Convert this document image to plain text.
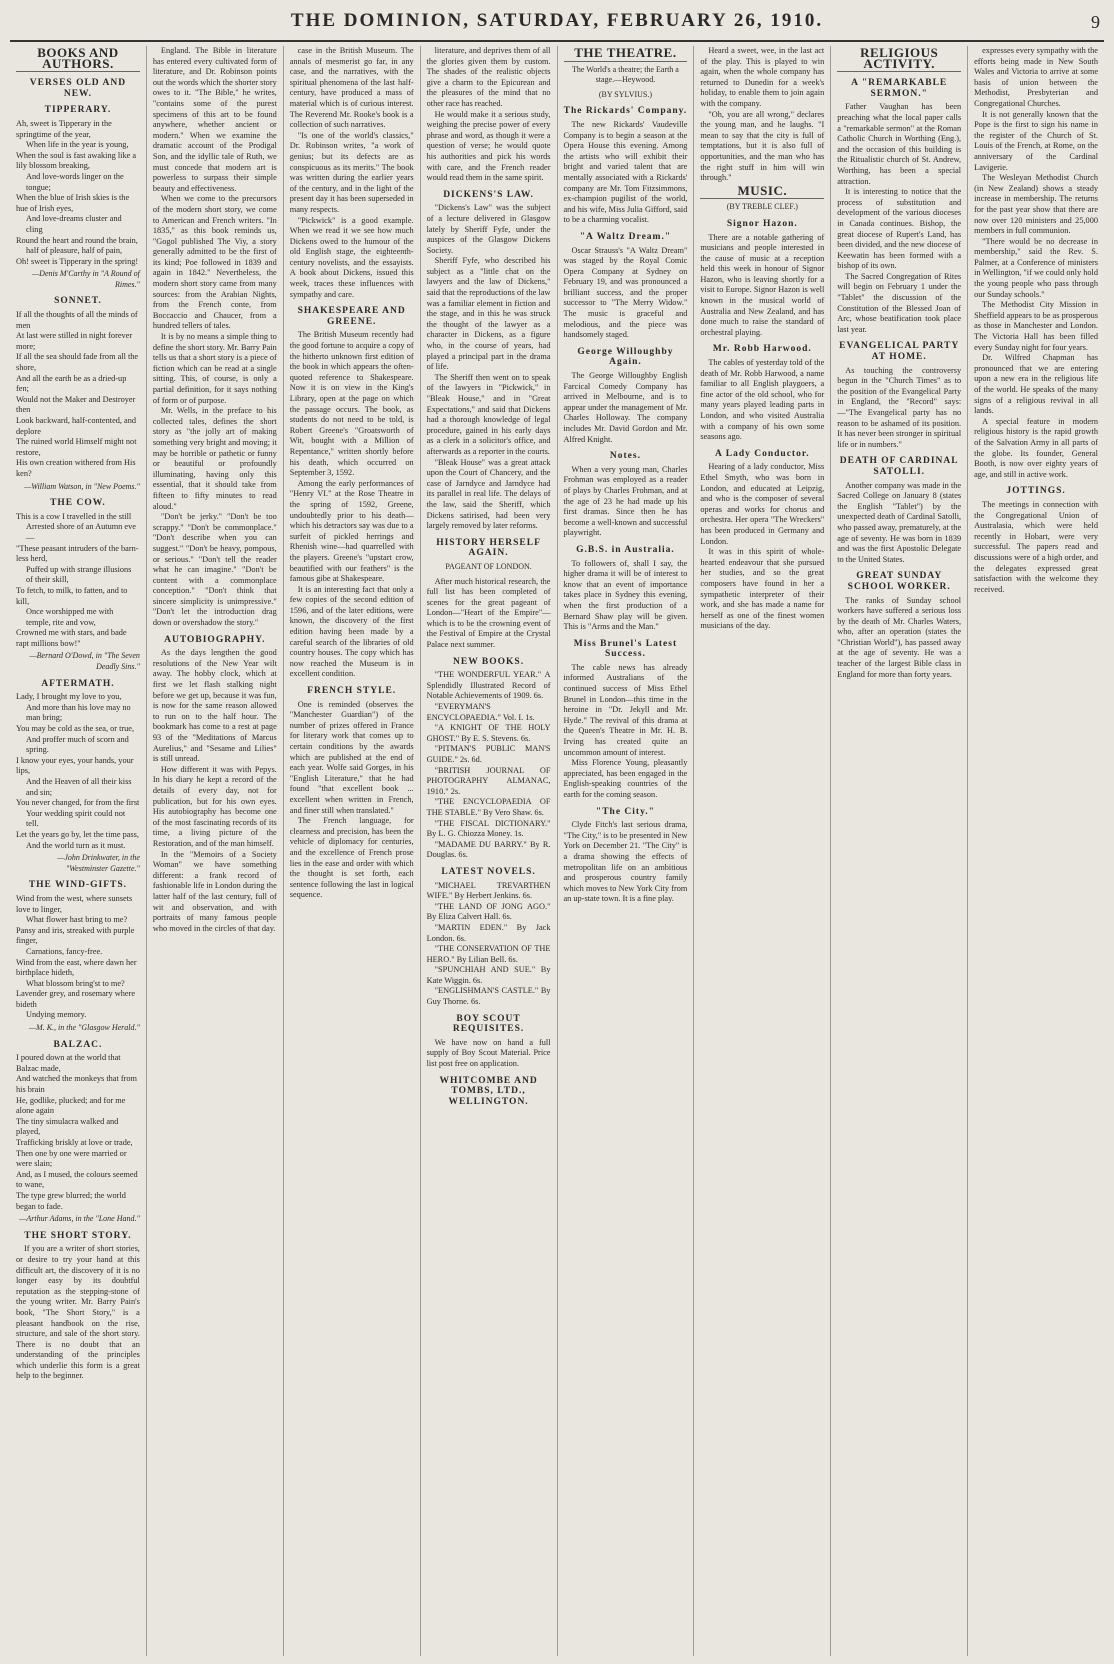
THE DOMINION, SATURDAY, FEBRUARY 26, 1910.	9
BOOKS AND AUTHORS.
VERSES OLD AND NEW.
TIPPERARY.
Ah, sweet is Tipperary in the springtime of the year,
When life in the year is young,
When the soul is fast awaking like a lily blossom breaking,
And love-words linger on the tongue;
When the blue of Irish skies is the hue of Irish eyes,
And love-dreams cluster and cling
Round the heart and round the brain,
half of pleasure, half of pain,
Oh! sweet is Tipperary in the spring!
—Denis M'Carthy in "A Round of Rimes."
SONNET.
If all the thoughts of all the minds of men
At last were stilled in night forever more;
If all the sea should fade from all the shore,
And all the earth be as a dried-up fen;
Would not the Maker and Destroyer then
Look backward, half-contented, and deplore
The ruined world Himself might not restore,
His own creation withered from His ken?
—William Watson, in "New Poems."
THE COW.
This is a cow I travelled in the still
Arrested shore of an Autumn eve—
"These peasant intruders of the barn-less herd,
Puffed up with strange illusions of their skill,
To fetch, to milk, to fatten, and to kill,
Once worshipped me with temple, rite and vow,
Crowned me with stars, and bade rapt millions bow!"
—Bernard O'Dowd, in "The Seven Deadly Sins."
AFTERMATH.
Lady, I brought my love to you,
And more than his love may no man bring;
You may be cold as the sea, or true,
And proffer much of scorn and spring.
I know your eyes, your hands, your lips,
And the Heaven of all their kiss and sin;
You never changed, for from the first
Your wedding spirit could not tell.
Let the years go by, let the time pass,
And the world turn as it must.
—John Drinkwater, in the "Westminster Gazette."
THE WIND-GIFTS.
Wind from the west, where sunsets love to linger,
What flower hast bring to me?
Pansy and iris, streaked with purple finger,
Carnations, fancy-free.
Wind from the east, where dawn her birthplace hideth,
What blossom bring'st to me?
Lavender grey, and rosemary where bideth
Undying memory.
—M. K., in the "Glasgow Herald."
BALZAC.
I poured down at the world that Balzac made,
And watched the monkeys that from his brain
He, godlike, plucked; and for me alone again
The tiny simulacra walked and played,
Trafficking briskly at love or trade,
Then one by one were married or were slain;
And, as I mused, the colours seemed to wane,
The type grew blurred; the world began to fade.
—Arthur Adams, in the "Lone Hand."
THE SHORT STORY.

If you are a writer of short stories, or desire to try your hand at this difficult art, the discovery of it is no longer easy by its doubtful reputation as the stepping-stone of the young writer. Mr. Barry Pain's book, "The Short Story," is a pleasant handbook on the rise, structure, and sale of the short story. There is no doubt that an understanding of the principles which underlie this form is a great help to the beginner.

England. The Bible in literature has entered every cultivated form of literature, and Dr. Robinson points out the words which the shorter story owes to it. "The Bible," he writes, "contains some of the purest specimens of this art to be found anywhere, whether ancient or modern." When we examine the dramatic account of the Prodigal Son, and the idyllic tale of Ruth, we must concede that modern art is powerless to surpass their simple beauty and effectiveness.

When we come to the precursors of the modern short story, we come to American and French writers. "In 1835," as this book reminds us, "Gogol published The Viy, a story generally admitted to be the first of its kind; Poe followed in 1839 and again in 1842." Nevertheless, the modern short story came from many sources: from the Arabian Nights, from the French conte, from Boccaccio and Chaucer, from a hundred tellers of tales.

It is by no means a simple thing to define the short story. Mr. Barry Pain tells us that a short story is a piece of fiction which can be read at a single sitting. This, of course, is only a partial definition, for it says nothing of form or of purpose.

Mr. Wells, in the preface to his collected tales, defines the short story as "the jolly art of making something very bright and moving; it may be horrible or pathetic or funny or beautiful or profoundly illuminating, having only this essential, that it should take from fifteen to fifty minutes to read aloud."

"Don't be jerky." "Don't be too scrappy." "Don't be commonplace." "Don't describe when you can suggest." "Don't be heavy, pompous, or serious." "Don't tell the reader what he can imagine." "Don't be content with a commonplace conception." "Don't think that sincere simplicity is unimpressive." "Don't let the introduction drag down or overshadow the story."

AUTOBIOGRAPHY.

As the days lengthen the good resolutions of the New Year wilt away. The hobby clock, which at first we let flash stalking night before we get up, because it was fun, is now for the same reason allowed to run on to the half hour. The bookmark has come to a rest at page 93 of the "Meditations of Marcus Aurelius," and "Sesame and Lilies" is still unread.

How different it was with Pepys. In his diary he kept a record of the details of every day, not for publication, but for his own eyes. His autobiography has become one of the most fascinating records of its time, a living picture of the Restoration, and of the man himself.

In the "Memoirs of a Society Woman" we have something different: a frank record of fashionable life in London during the latter half of the last century, full of wit and observation, and with portraits of many famous people who moved in the circles of that day.

case in the British Museum. The annals of mesmerist go far, in any case, and the narratives, with the spiritual phenomena of the last half-century, have produced a mass of material which is of curious interest. The Reverend Mr. Rooke's book is a collection of such narratives.

"Is one of the world's classics," Dr. Robinson writes, "a work of genius; but its defects are as conspicuous as its merits." The book was written during the earlier years of the century, and in the light of the present day it has been superseded in many respects.

"Pickwick" is a good example. When we read it we see how much Dickens owed to the humour of the old English stage, the eighteenth-century novelists, and the essayists. A book about Dickens, issued this week, traces these influences with sympathy and care.

SHAKESPEARE AND GREENE.

The British Museum recently had the good fortune to acquire a copy of the hitherto unknown first edition of the book in which appears the often-quoted reference to Shakespeare. Now it is on view in the King's Library, open at the page on which the passage occurs. The book, as students do not need to be told, is Robert Greene's "Groatsworth of Wit, bought with a Million of Repentance," written shortly before his death, which occurred on September 3, 1592.

Among the early performances of "Henry VI." at the Rose Theatre in the spring of 1592, Greene, undoubtedly prior to his death—which his detractors say was due to a surfeit of pickled herrings and Rhenish wine—had quarrelled with the players. Greene's "upstart crow, beautified with our feathers" is the famous gibe at Shakespeare.

It is an interesting fact that only a few copies of the second edition of 1596, and of the later editions, were known, the discovery of the first edition having been made by a careful search of the libraries of old country houses. The copy which has now reached the Museum is in excellent condition.

FRENCH STYLE.

One is reminded (observes the "Manchester Guardian") of the number of prizes offered in France for literary work that comes up to certain conditions by the awards which are published at the end of each year. Wolfe said Gorges, in his "English Literature," that he had found "that excellent book ... excellent when written in French, and finer still when translated."

The French language, for clearness and precision, has been the vehicle of diplomacy for centuries, and the excellence of French prose lies in the ease and order with which the thought is set forth, each sentence following the last in logical sequence.

literature, and deprives them of all the glories given them by custom. The shades of the realistic objects give a charm to the Epicurean and the pleasures of the mind that no other race has reached.

He would make it a serious study, weighing the precise power of every phrase and word, as though it were a question of verse; he would quote his authorities and pick his words with care, and the French reader would read them in the same spirit.

DICKENS'S LAW.

"Dickens's Law" was the subject of a lecture delivered in Glasgow lately by Sheriff Fyfe, under the auspices of the Glasgow Dickens Society.

Sheriff Fyfe, who described his subject as a "little chat on the lawyers and the law of Dickens," said that the reproductions of the law was a familiar element in fiction and the stage, and in this he was struck the thought of the lawyer as a character in Dickens, as a figure who, in the course of years, had played a principal part in the drama of life.

The Sheriff then went on to speak of the lawyers in "Pickwick," in "Bleak House," and in "Great Expectations," and said that Dickens had a thorough knowledge of legal procedure, gained in his early days as a clerk in a solicitor's office, and afterwards as a reporter in the courts.

"Bleak House" was a great attack upon the Court of Chancery, and the case of Jarndyce and Jarndyce had its parallel in real life. The delays of the law, said the Sheriff, which Dickens satirised, had been very largely removed by later reforms.

HISTORY HERSELF AGAIN.
PAGEANT OF LONDON.

After much historical research, the full list has been completed of scenes for the great pageant of London—"Heart of the Empire"—which is to be the crowning event of the Festival of Empire at the Crystal Palace next summer.

NEW BOOKS.

"THE WONDERFUL YEAR." A Splendidly Illustrated Record of Notable Achievements of 1909. 6s.

"EVERYMAN'S ENCYCLOPAEDIA." Vol. I. 1s.

"A KNIGHT OF THE HOLY GHOST." By E. S. Stevens. 6s.

"PITMAN'S PUBLIC MAN'S GUIDE." 2s. 6d.

"BRITISH JOURNAL OF PHOTOGRAPHY ALMANAC, 1910." 2s.

"THE ENCYCLOPAEDIA OF THE STABLE." By Vero Shaw. 6s.

"THE FISCAL DICTIONARY." By L. G. Chiozza Money. 1s.

"MADAME DU BARRY." By R. Douglas. 6s.

LATEST NOVELS.

"MICHAEL TREVARTHEN WIFE." By Herbert Jenkins. 6s.

"THE LAND OF JONG AGO." By Eliza Calvert Hall. 6s.

"MARTIN EDEN." By Jack London. 6s.

"THE CONSERVATION OF THE HERO." By Lilian Bell. 6s.

"SPUNCHIAH AND SUE." By Kate Wiggin. 6s.

"ENGLISHMAN'S CASTLE." By Guy Thorne. 6s.

BOY SCOUT REQUISITES.

We have now on hand a full supply of Boy Scout Material. Price list post free on application.

WHITCOMBE AND TOMBS, LTD., WELLINGTON.
THE THEATRE.
The World's a theatre; the Earth a stage.—Heywood.
(BY SYLVIUS.)
The Rickards' Company.

The new Rickards' Vaudeville Company is to begin a season at the Opera House this evening. Among the artists who will exhibit their bright and varied talent that are mentally associated with a Rickards' company are Mr. Tom Fitzsimmons, ex-champion pugilist of the world, and his wife, Miss Julia Gifford, said to be a charming vocalist.

"A Waltz Dream."

Oscar Strauss's "A Waltz Dream" was staged by the Royal Comic Opera Company at Sydney on February 19, and was pronounced a brilliant success, and the proper successor to "The Merry Widow." The music is graceful and melodious, and the piece was handsomely staged.

George Willoughby Again.

The George Willoughby English Farcical Comedy Company has arrived in Melbourne, and is to appear under the management of Mr. Charles Holloway. The company includes Mr. David Gordon and Mr. Alfred Knight.

Notes.

When a very young man, Charles Frohman was employed as a reader of plays by Charles Frohman, and at the age of 23 he had made up his first dramas. Since then he has become a well-known and successful playwright.

G.B.S. in Australia.

To followers of, shall I say, the higher drama it will be of interest to know that an event of importance takes place in Sydney this evening, when the first production of a Bernard Shaw play will be given. This is "Arms and the Man."

Miss Brunel's Latest Success.

The cable news has already informed Australians of the continued success of Miss Ethel Brunel in London—this time in the heroine in "Dr. Jekyll and Mr. Hyde." The revival of this drama at the Queen's Theatre in Mr. H. B. Irving has created quite an uncommon amount of interest.

Miss Florence Young, pleasantly appreciated, has been engaged in the English-speaking countries of the earth for the coming season.

"The City."

Clyde Fitch's last serious drama, "The City," is to be presented in New York on December 21. "The City" is a drama showing the effects of metropolitan life on an ambitious and prosperous country family which moves to New York City from an up-state town. It is a fine play.

Heard a sweet, wee, in the last act of the play. This is played to win again, when the whole company has returned to Dunedin for a week's holiday, to enable them to join again with the company.

"Oh, you are all wrong," declares the young man, and he laughs. "I mean to say that the city is full of temptations, but it is also full of opportunities, and the man who has the right stuff in him will win through."

MUSIC.
(BY TREBLE CLEF.)
Signor Hazon.

There are a notable gathering of musicians and people interested in the cause of music at a reception held this week in honour of Signor Hazon, who is leaving shortly for a visit to Europe. Signor Hazon is well known in the musical world of Australia and New Zealand, and has done much to raise the standard of orchestral playing.

Mr. Robb Harwood.

The cables of yesterday told of the death of Mr. Robb Harwood, a name familiar to all English playgoers, a fine actor of the old school, who for many years played leading parts in London, and who visited Australia with a company of his own some seasons ago.

A Lady Conductor.

Hearing of a lady conductor, Miss Ethel Smyth, who was born in London, and educated at Leipzig, and who is the composer of several operas and works for chorus and orchestra. Her opera "The Wreckers" has been produced in Germany and London.

It was in this spirit of whole-hearted endeavour that she pursued her studies, and so the great composers have found in her a sympathetic interpreter of their work, and she has made a name for herself as one of the finest women musicians of the day.

RELIGIOUS ACTIVITY.
A "REMARKABLE SERMON."

Father Vaughan has been preaching what the local paper calls a "remarkable sermon" at the Roman Catholic Church in Worthing (Eng.), and the occasion of this building is the Ritualistic church of St. Andrew, Worthing, has been a special attraction.

It is interesting to notice that the process of substitution and development of the various dioceses in Canada continues. Bishop, the great diocese of Rupert's Land, has been divided, and the new diocese of Keewatin has been formed with a bishop of its own.

The Sacred Congregation of Rites will begin on February 1 under the "Tablet" the discussion of the Constitution of the Blessed Joan of Arc, whose beatification took place last year.

EVANGELICAL PARTY AT HOME.

As touching the controversy begun in the "Church Times" as to the position of the Evangelical Party in England, the "Record" says:—"The Evangelical party has no reason to be ashamed of its position. It has never been stronger in spiritual life or in numbers."

DEATH OF CARDINAL SATOLLI.

Another company was made in the Sacred College on January 8 (states the English "Tablet") by the unexpected death of Cardinal Satolli, who passed away, prematurely, at the age of seventy. He was born in 1839 and was the first Apostolic Delegate to the United States.

GREAT SUNDAY SCHOOL WORKER.

The ranks of Sunday school workers have suffered a serious loss by the death of Mr. Charles Waters, who, after an operation (states the "Christian World"), has passed away at the age of seventy. He was a teacher of the largest Bible class in England for more than forty years.

expresses every sympathy with the efforts being made in New South Wales and Victoria to arrive at some basis of union between the Methodist, Presbyterian and Congregational Churches.

It is not generally known that the Pope is the first to sign his name in the register of the Church of St. Louis of the French, at Rome, on the anniversary of the Cardinal Lavigerie.

The Wesleyan Methodist Church (in New Zealand) shows a steady increase in membership. The returns for the past year show that there are now over 120 ministers and 25,000 members in full communion.

"There would be no decrease in membership," said the Rev. S. Palmer, at a Conference of ministers in Wellington, "if we could only hold the young people who pass through our Sunday schools."

The Methodist City Mission in Sheffield appears to be as prosperous as those in Manchester and London. The Victoria Hall has been filled every Sunday night for four years.

Dr. Wilfred Chapman has pronounced that we are entering upon a new era in the religious life of the world. He speaks of the many signs of a religious revival in all lands.

A special feature in modern religious history is the rapid growth of the Salvation Army in all parts of the globe. Its founder, General Booth, is now over eighty years of age, and still in active work.

JOTTINGS.

The meetings in connection with the Congregational Union of Australasia, which were held recently in Hobart, were very successful. The papers read and discussions were of a high order, and the delegates expressed great satisfaction with the welcome they received.
